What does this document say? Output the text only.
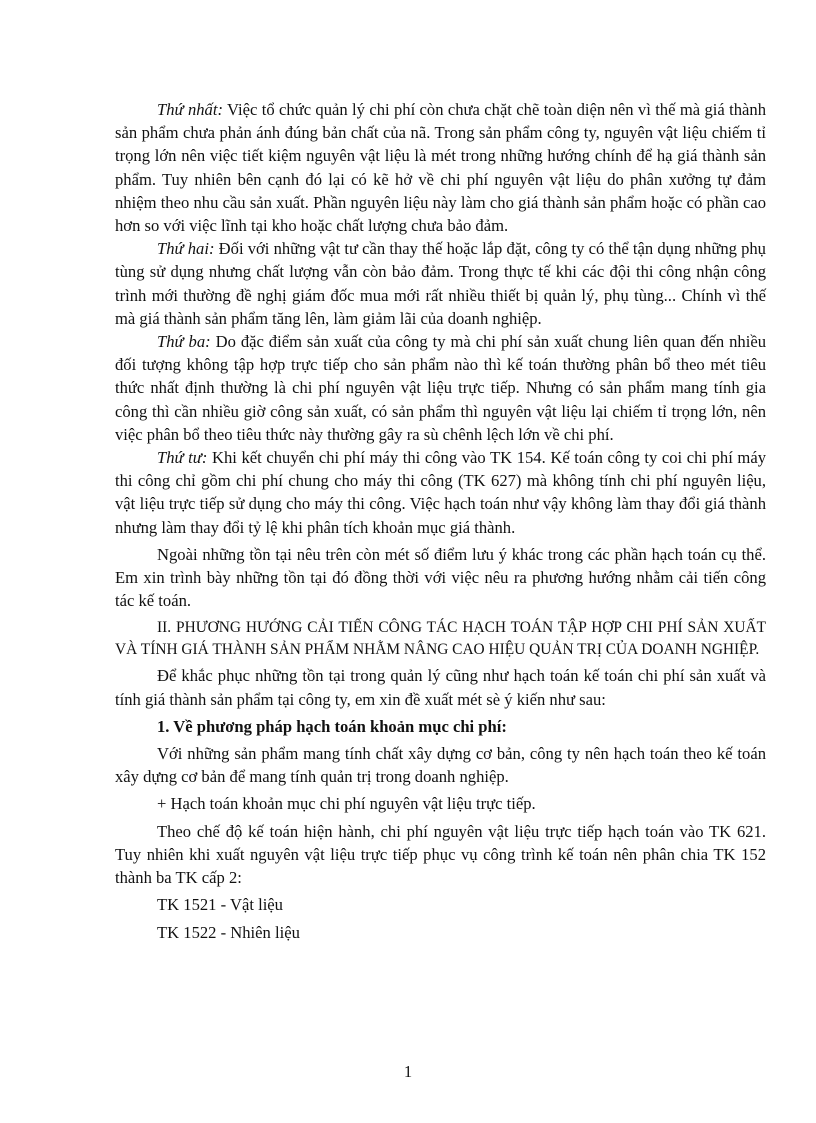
Thứ nhất: Việc tổ chức quản lý chi phí còn chưa chặt chẽ toàn diện nên vì thế mà giá thành sản phẩm chưa phản ánh đúng bản chất của nã. Trong sản phẩm công ty, nguyên vật liệu chiếm tỉ trọng lớn nên việc tiết kiệm nguyên vật liệu là mét trong những hướng chính để hạ giá thành sản phẩm. Tuy nhiên bên cạnh đó lại có kẽ hở về chi phí nguyên vật liệu do phân xưởng tự đảm nhiệm theo nhu cầu sản xuất. Phần nguyên liệu này làm cho giá thành sản phẩm hoặc có phần cao hơn so với việc lĩnh tại kho hoặc chất lượng chưa bảo đảm.

Thứ hai: Đối với những vật tư cần thay thế hoặc lắp đặt, công ty có thể tận dụng những phụ tùng sử dụng nhưng chất lượng vẫn còn bảo đảm. Trong thực tế khi các đội thi công nhận công trình mới thường đề nghị giám đốc mua mới rất nhiều thiết bị quản lý, phụ tùng... Chính vì thế mà giá thành sản phẩm tăng lên, làm giảm lãi của doanh nghiệp.

Thứ ba: Do đặc điểm sản xuất của công ty mà chi phí sản xuất chung liên quan đến nhiều đối tượng không tập hợp trực tiếp cho sản phẩm nào thì kế toán thường phân bổ theo mét tiêu thức nhất định thường là chi phí nguyên vật liệu trực tiếp. Nhưng có sản phẩm mang tính gia công thì cần nhiều giờ công sản xuất, có sản phẩm thì nguyên vật liệu lại chiếm tỉ trọng lớn, nên việc phân bổ theo tiêu thức này thường gây ra sù chênh lệch lớn về chi phí.

Thứ tư: Khi kết chuyển chi phí máy thi công vào TK 154. Kế toán công ty coi chi phí máy thi công chỉ gồm chi phí chung cho máy thi công (TK 627) mà không tính chi phí nguyên liệu, vật liệu trực tiếp sử dụng cho máy thi công. Việc hạch toán như vậy không làm thay đổi giá thành nhưng làm thay đổi tỷ lệ khi phân tích khoản mục giá thành.

Ngoài những tồn tại nêu trên còn mét số điểm lưu ý khác trong các phần hạch toán cụ thể. Em xin trình bày những tồn tại đó đồng thời với việc nêu ra phương hướng nhằm cải tiến công tác kế toán.

II. PHƯƠNG HƯỚNG CẢI TIẾN CÔNG TÁC HẠCH TOÁN TẬP HỢP CHI PHÍ SẢN XUẤT VÀ TÍNH GIÁ THÀNH SẢN PHẨM NHẰM NÂNG CAO HIỆU QUẢN TRỊ CỦA DOANH NGHIỆP.

Để khắc phục những tồn tại trong quản lý cũng như hạch toán kế toán chi phí sản xuất và tính giá thành sản phẩm tại công ty, em xin đề xuất mét sè ý kiến như sau:

1. Về phương pháp hạch toán khoản mục chi phí:

Với những sản phẩm mang tính chất xây dựng cơ bản, công ty nên hạch toán theo kế toán xây dựng cơ bản để mang tính quản trị trong doanh nghiệp.

+ Hạch toán khoản mục chi phí nguyên vật liệu trực tiếp.

Theo chế độ kế toán hiện hành, chi phí nguyên vật liệu trực tiếp hạch toán vào TK 621. Tuy nhiên khi xuất nguyên vật liệu trực tiếp phục vụ công trình kế toán nên phân chia TK 152 thành ba TK cấp 2:

TK 1521 - Vật liệu

TK 1522 - Nhiên liệu

1
